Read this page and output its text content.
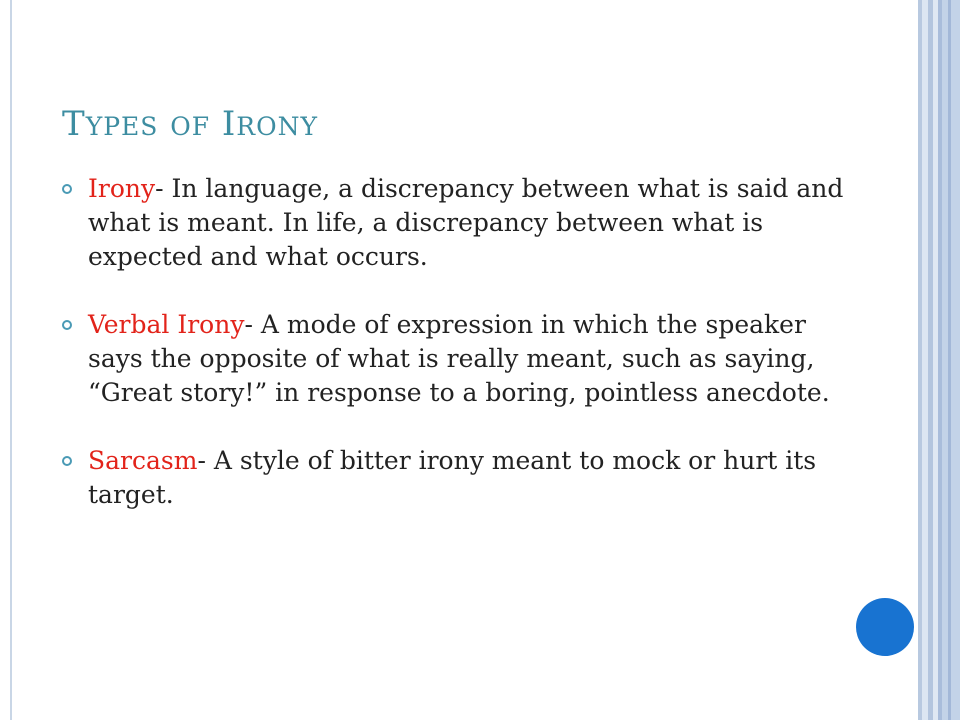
TYPES OF IRONY
Irony- In language, a discrepancy between what is said and what is meant. In life, a discrepancy between what is expected and what occurs.
Verbal Irony- A mode of expression in which the speaker says the opposite of what is really meant, such as saying, “Great story!” in response to a boring, pointless anecdote.
Sarcasm- A style of bitter irony meant to mock or hurt its target.
